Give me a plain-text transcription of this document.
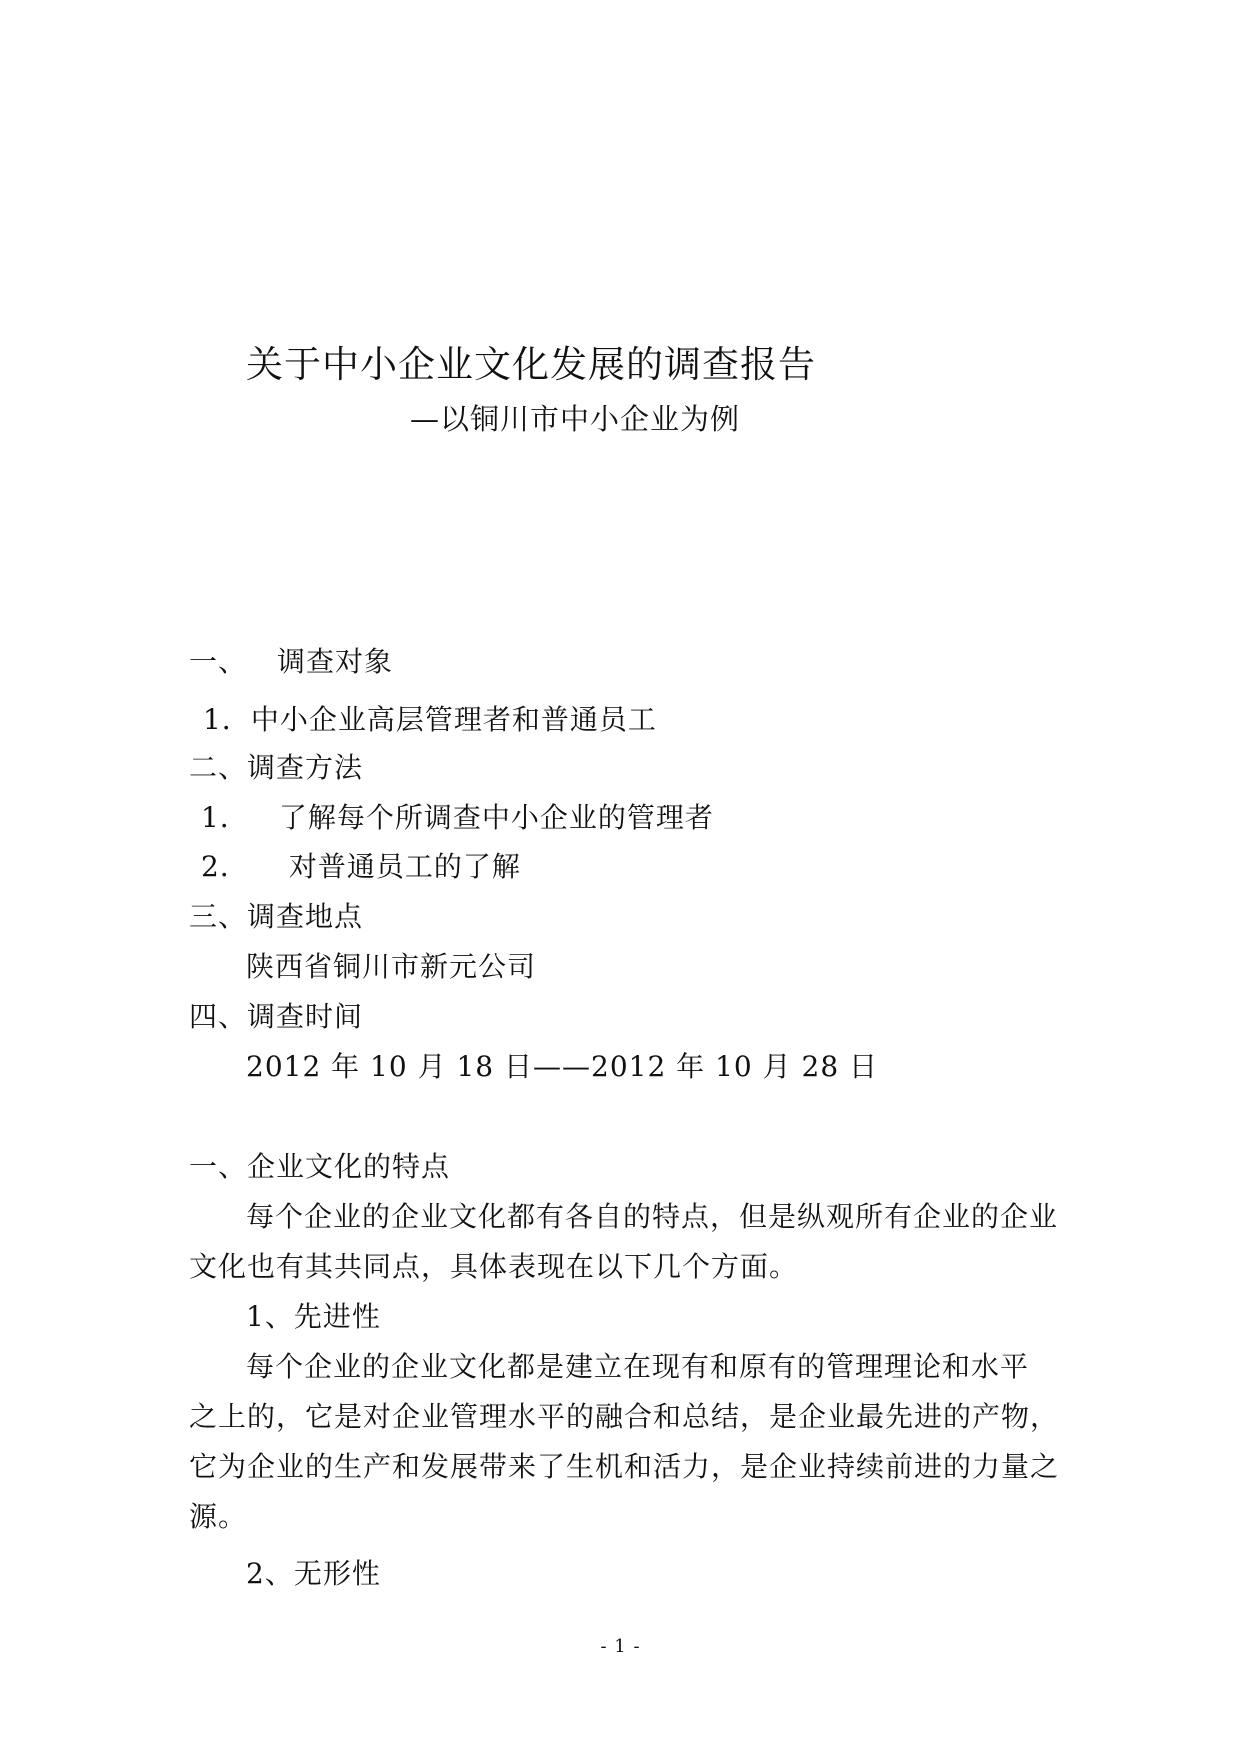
关于中小企业文化发展的调查报告
—以铜川市中小企业为例
一、 调查对象
1．中小企业高层管理者和普通员工
二、调查方法
1． 了解每个所调查中小企业的管理者
2． 对普通员工的了解
三、调查地点
陕西省铜川市新元公司
四、调查时间
2012 年 10 月 18 日——2012 年 10 月 28 日
一、企业文化的特点
每个企业的企业文化都有各自的特点，但是纵观所有企业的企业
文化也有其共同点，具体表现在以下几个方面。
1、先进性
每个企业的企业文化都是建立在现有和原有的管理理论和水平
之上的，它是对企业管理水平的融合和总结，是企业最先进的产物，
它为企业的生产和发展带来了生机和活力，是企业持续前进的力量之
源。
2、无形性
- 1 -
